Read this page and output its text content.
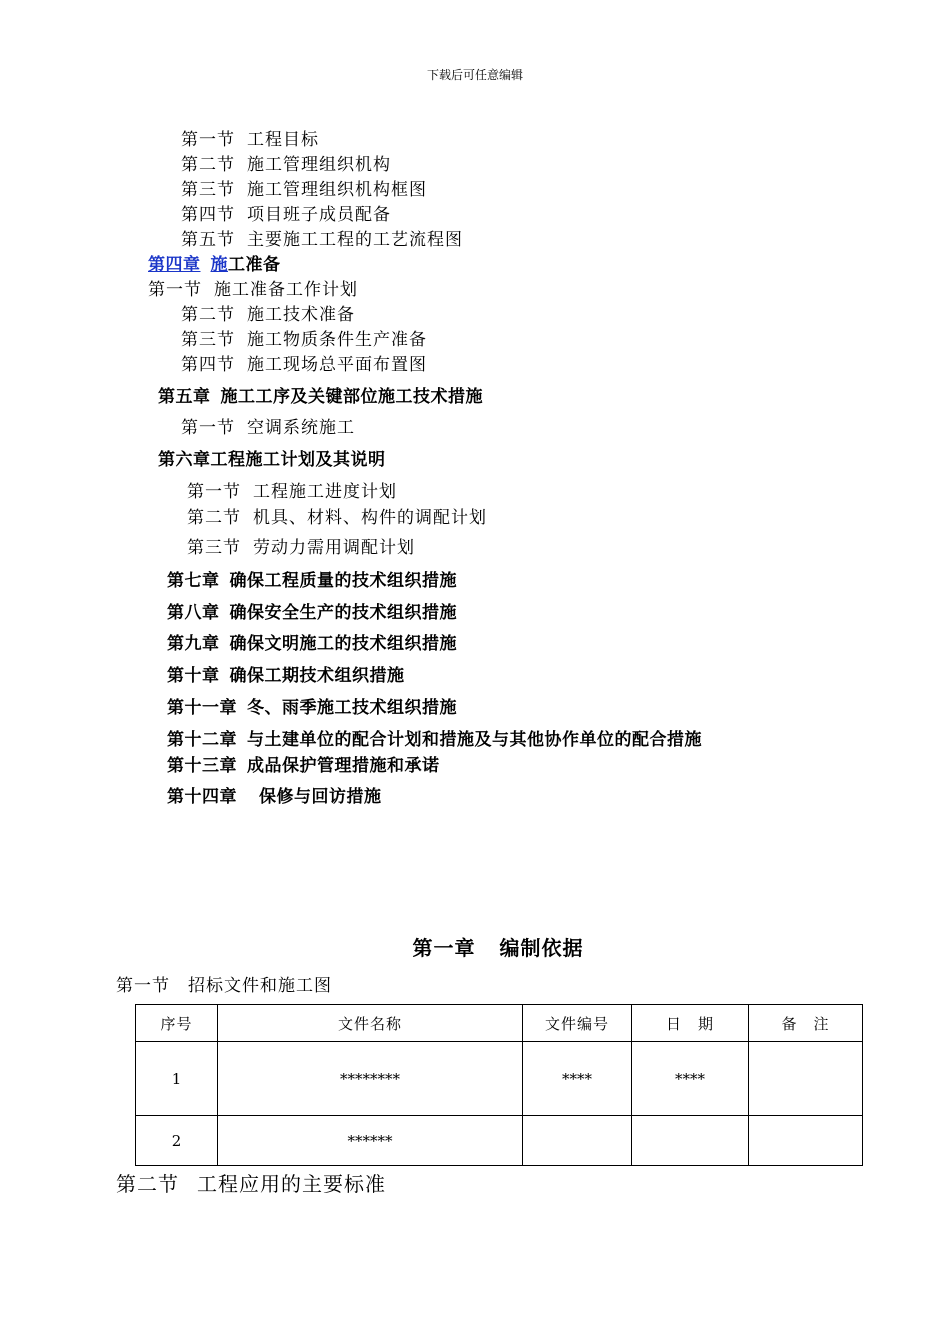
下载后可任意编辑
第一节 工程目标
第二节 施工管理组织机构
第三节 施工管理组织机构框图
第四节 项目班子成员配备
第五节 主要施工工程的工艺流程图
第四章 施工准备
第一节 施工准备工作计划
第二节 施工技术准备
第三节 施工物质条件生产准备
第四节 施工现场总平面布置图
第五章 施工工序及关键部位施工技术措施
第一节 空调系统施工
第六章工程施工计划及其说明
第一节 工程施工进度计划
第二节 机具、材料、构件的调配计划
第三节 劳动力需用调配计划
第七章 确保工程质量的技术组织措施
第八章 确保安全生产的技术组织措施
第九章 确保文明施工的技术组织措施
第十章 确保工期技术组织措施
第十一章 冬、雨季施工技术组织措施
第十二章 与土建单位的配合计划和措施及与其他协作单位的配合措施
第十三章 成品保护管理措施和承诺
第十四章 保修与回访措施
第一章 编制依据
第一节 招标文件和施工图
序号	文件名称	文件编号	日　期	备　注
1	********	****	****	
2	******			
第二节 工程应用的主要标准
